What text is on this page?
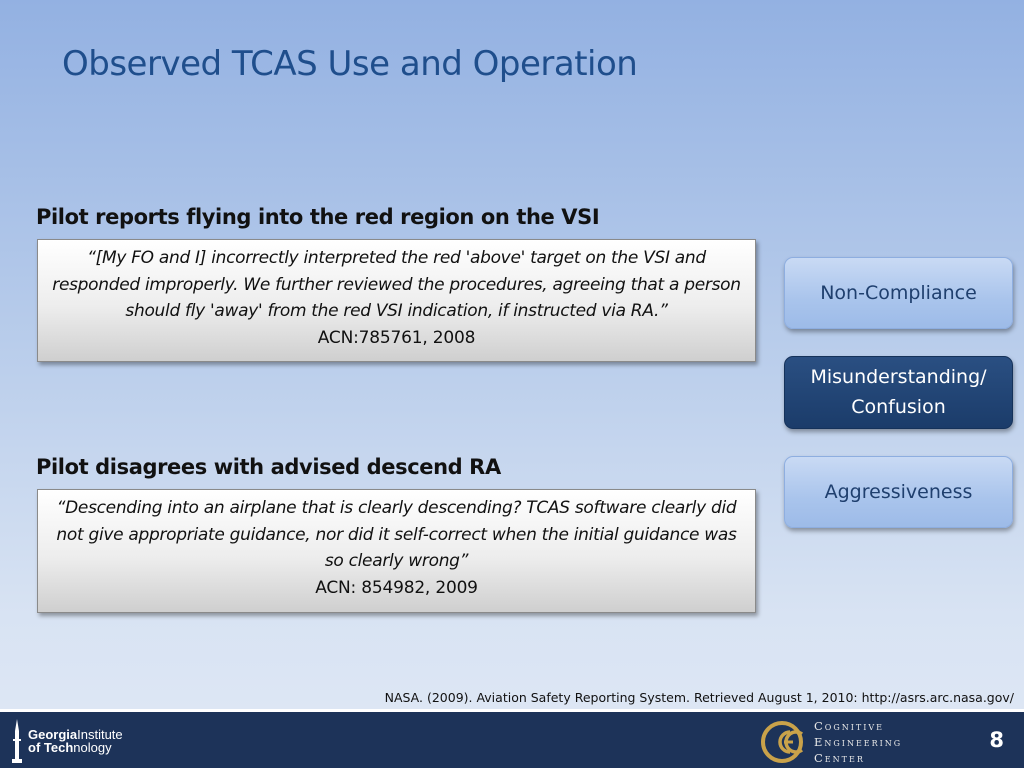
Observed TCAS Use and Operation
Pilot reports flying into the red region on the VSI
“[My FO and I] incorrectly interpreted the red 'above' target on the VSI and responded improperly. We further reviewed the procedures, agreeing that a person should fly 'away' from the red VSI indication, if instructed via RA.”
ACN:785761, 2008
Pilot disagrees with advised descend RA
“Descending into an airplane that is clearly descending? TCAS software clearly did not give appropriate guidance, nor did it self-correct when the initial guidance was so clearly wrong”
ACN: 854982, 2009
Non-Compliance
Misunderstanding/ Confusion
Aggressiveness
NASA. (2009). Aviation Safety Reporting System. Retrieved August 1, 2010: http://asrs.arc.nasa.gov/
GeorgiaInstitute
of Technology
Cognitive
Engineering
Center
8
